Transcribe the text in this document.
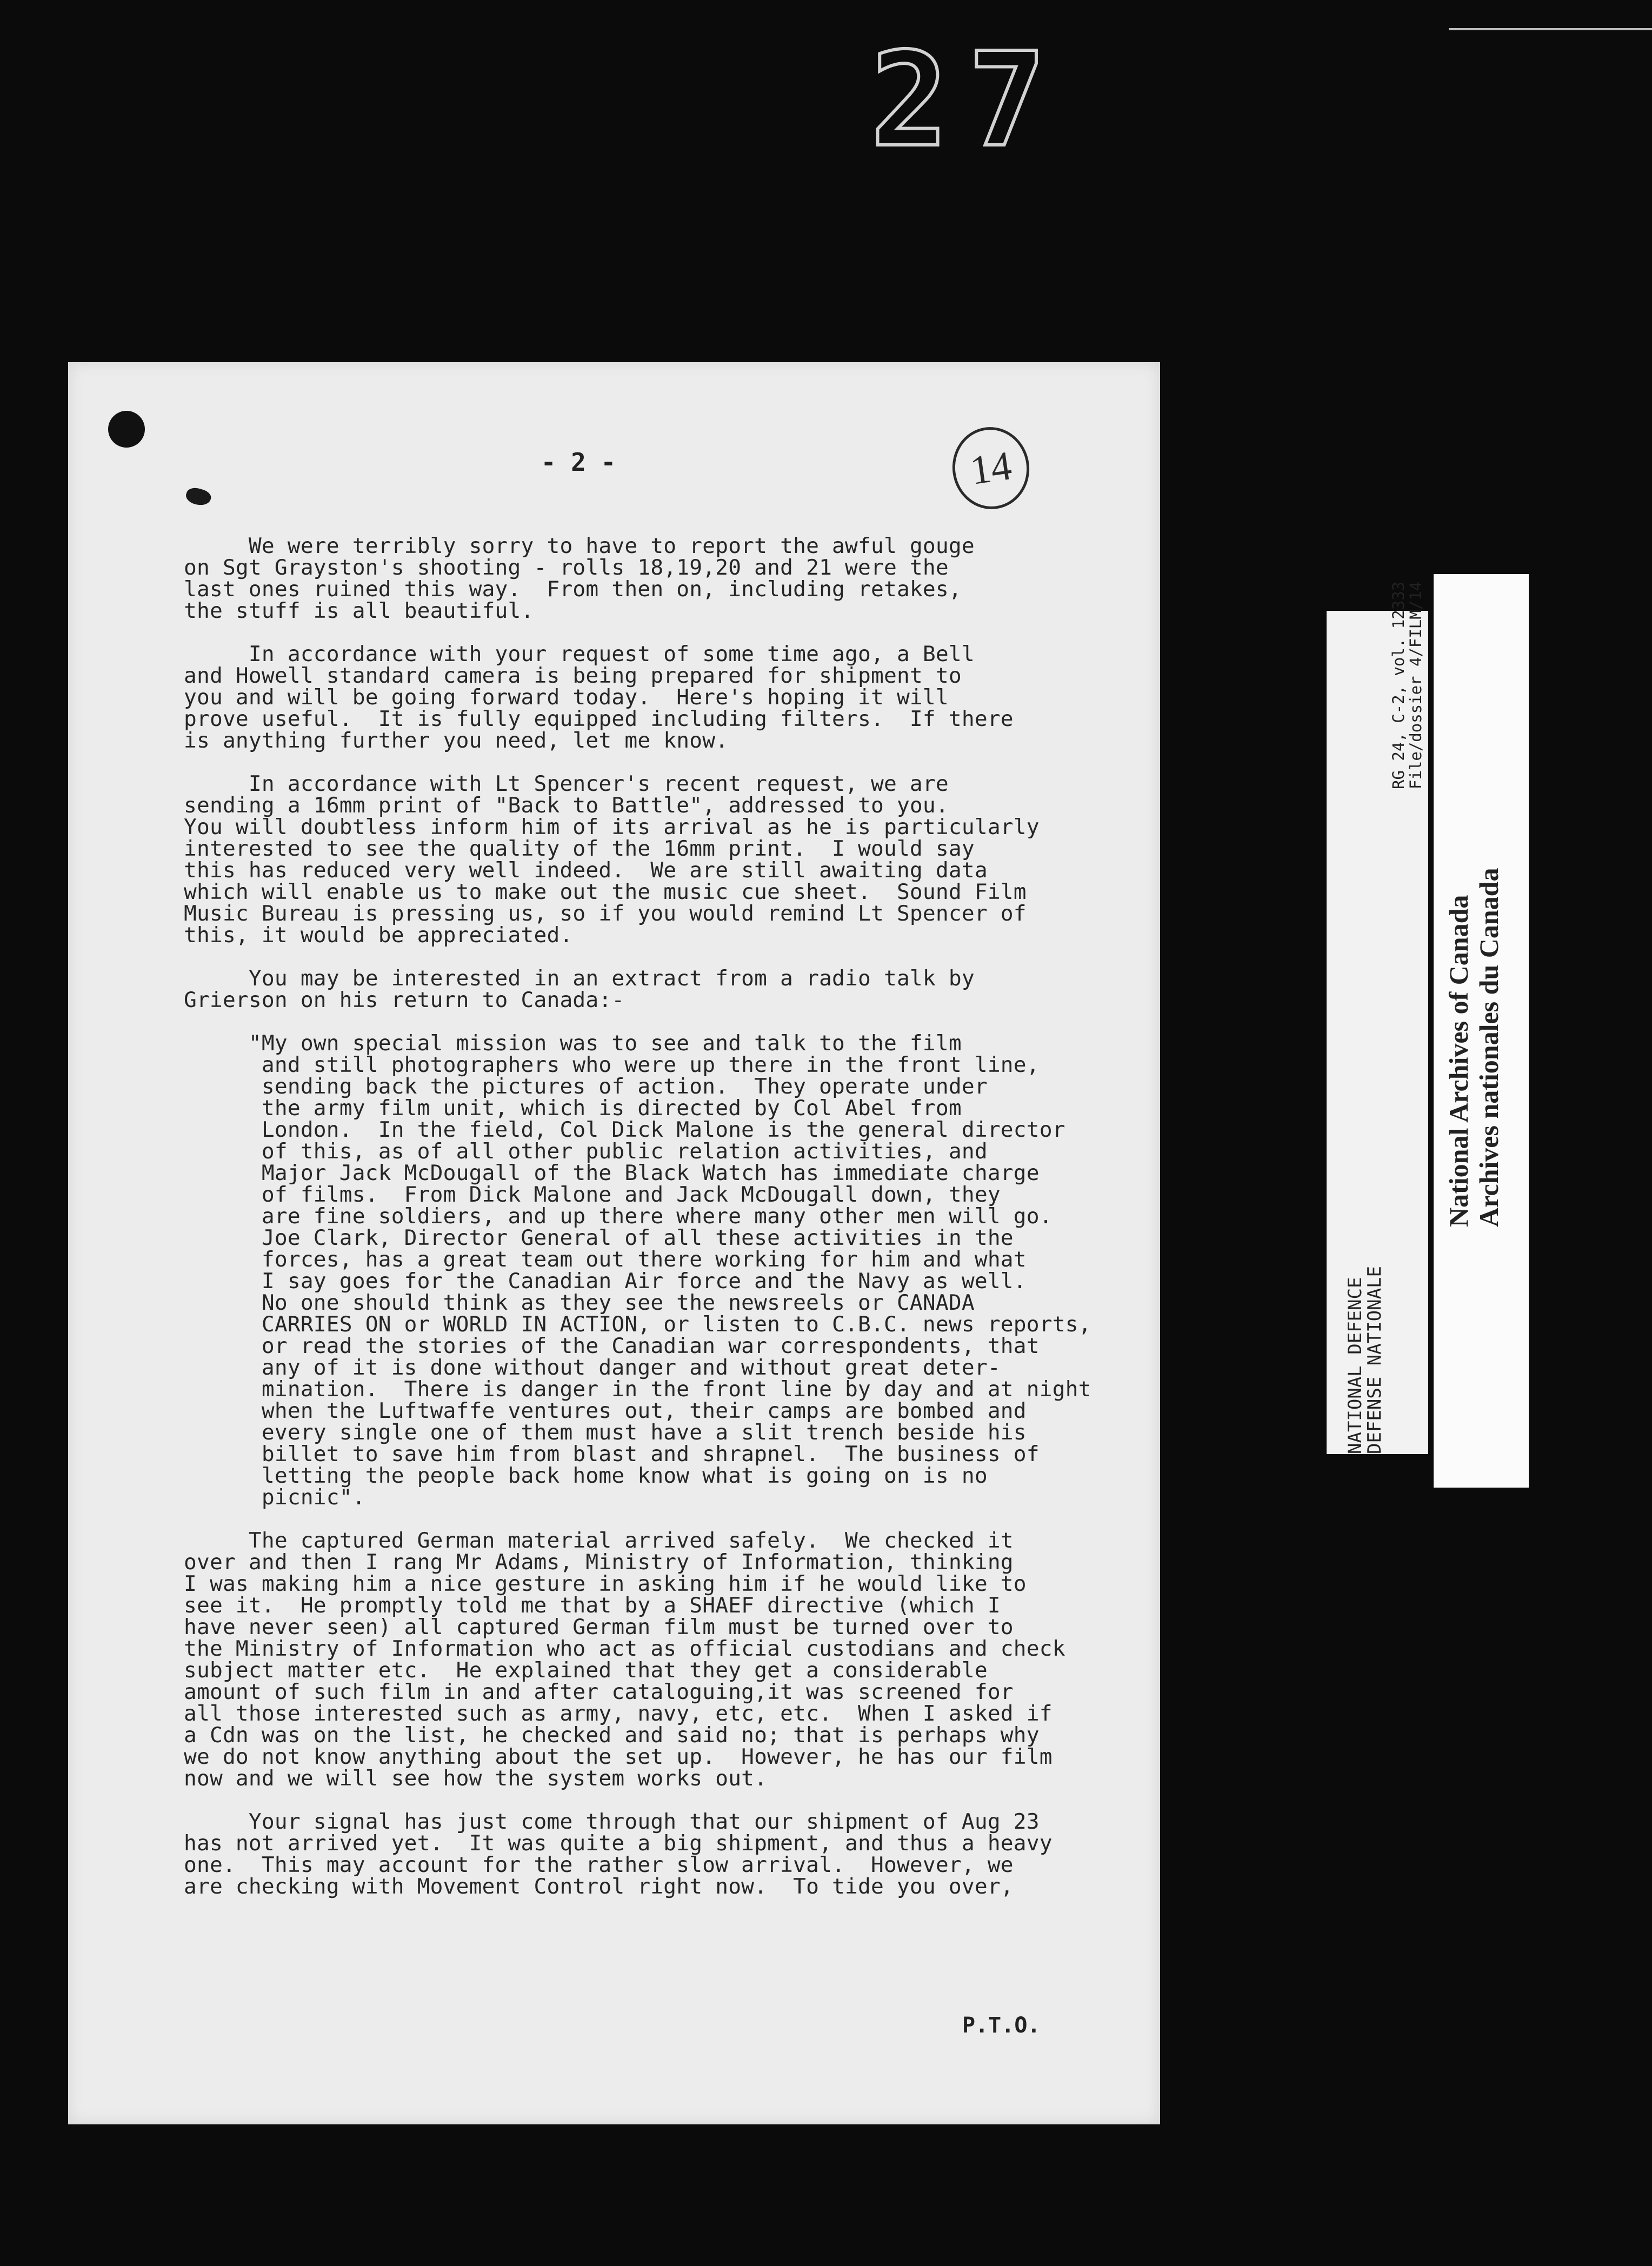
27
- 2 -	14
We were terribly sorry to have to report the awful gouge
on Sgt Grayston's shooting - rolls 18,19,20 and 21 were the
last ones ruined this way.  From then on, including retakes,
the stuff is all beautiful.

In accordance with your request of some time ago, a Bell
and Howell standard camera is being prepared for shipment to
you and will be going forward today.  Here's hoping it will
prove useful.  It is fully equipped including filters.  If there
is anything further you need, let me know.

In accordance with Lt Spencer's recent request, we are
sending a 16mm print of "Back to Battle", addressed to you.
You will doubtless inform him of its arrival as he is particularly
interested to see the quality of the 16mm print.  I would say
this has reduced very well indeed.  We are still awaiting data
which will enable us to make out the music cue sheet.  Sound Film
Music Bureau is pressing us, so if you would remind Lt Spencer of
this, it would be appreciated.

You may be interested in an extract from a radio talk by
Grierson on his return to Canada:-

"My own special mission was to see and talk to the film
and still photographers who were up there in the front line,
sending back the pictures of action.  They operate under
the army film unit, which is directed by Col Abel from
London.  In the field, Col Dick Malone is the general director
of this, as of all other public relation activities, and
Major Jack McDougall of the Black Watch has immediate charge
of films.  From Dick Malone and Jack McDougall down, they
are fine soldiers, and up there where many other men will go.
Joe Clark, Director General of all these activities in the
forces, has a great team out there working for him and what
I say goes for the Canadian Air force and the Navy as well.
No one should think as they see the newsreels or CANADA
CARRIES ON or WORLD IN ACTION, or listen to C.B.C. news reports,
or read the stories of the Canadian war correspondents, that
any of it is done without danger and without great deter-
mination.  There is danger in the front line by day and at night
when the Luftwaffe ventures out, their camps are bombed and
every single one of them must have a slit trench beside his
billet to save him from blast and shrapnel.  The business of
letting the people back home know what is going on is no
picnic".

The captured German material arrived safely.  We checked it
over and then I rang Mr Adams, Ministry of Information, thinking
I was making him a nice gesture in asking him if he would like to
see it.  He promptly told me that by a SHAEF directive (which I
have never seen) all captured German film must be turned over to
the Ministry of Information who act as official custodians and check
subject matter etc.  He explained that they get a considerable
amount of such film in and after cataloguing,it was screened for
all those interested such as army, navy, etc, etc.  When I asked if
a Cdn was on the list, he checked and said no; that is perhaps why
we do not know anything about the set up.  However, he has our film
now and we will see how the system works out.

Your signal has just come through that our shipment of Aug 23
has not arrived yet.  It was quite a big shipment, and thus a heavy
one.  This may account for the rather slow arrival.  However, we
are checking with Movement Control right now.  To tide you over,
P.T.O.
NATIONAL DEFENCE
DEFENSE NATIONALE
RG 24, C-2, vol. 12333
File/dossier 4/FILM/14
National Archives of Canada Archives nationales du Canada
